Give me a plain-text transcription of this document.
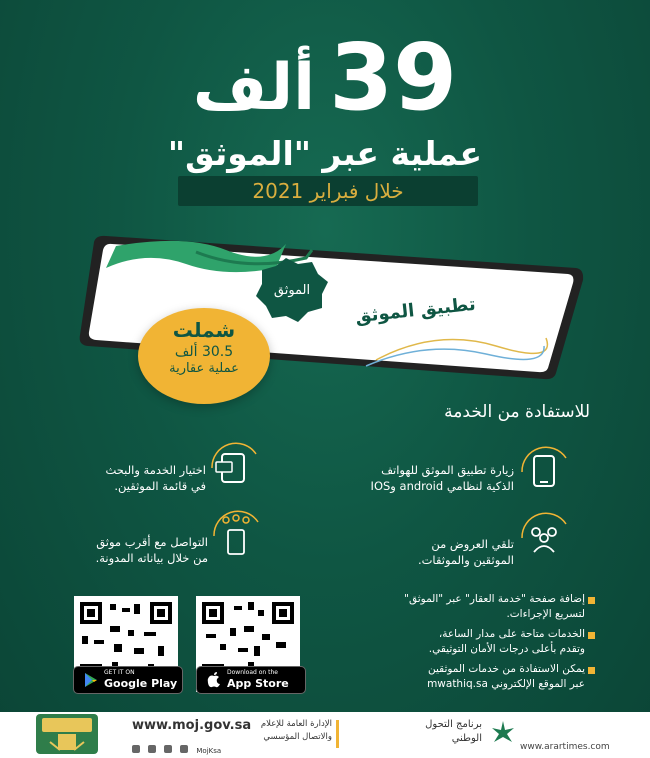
39ألف
عملية عبر "الموثق"
خلال فبراير 2021
الموثق
تطبيق الموثق
شملت
30.5 ألف
عملية عقارية
للاستفادة من الخدمة
زيارة تطبيق الموثق للهواتف
الذكية لنظامي android وIOS
اختيار الخدمة والبحث
في قائمة الموثقين.
تلقي العروض من
الموثقين والموثقات.
التواصل مع أقرب موثق
من خلال بياناته المدونة.
GET IT ON
Google Play
Download on the
App Store
إضافة صفحة "خدمة العقار" عبر "الموثق"
لتسريع الإجراءات.
الخدمات متاحة على مدار الساعة،
وتقدم بأعلى درجات الأمان التوثيقي.
يمكن الاستفادة من خدمات الموثقين
عبر الموقع الإلكتروني mwathiq.sa
www.moj.gov.sa
MojKsa
الإدارة العامة للإعلام
والاتصال المؤسسي
برنامج التحول
الوطني
www.arartimes.com
